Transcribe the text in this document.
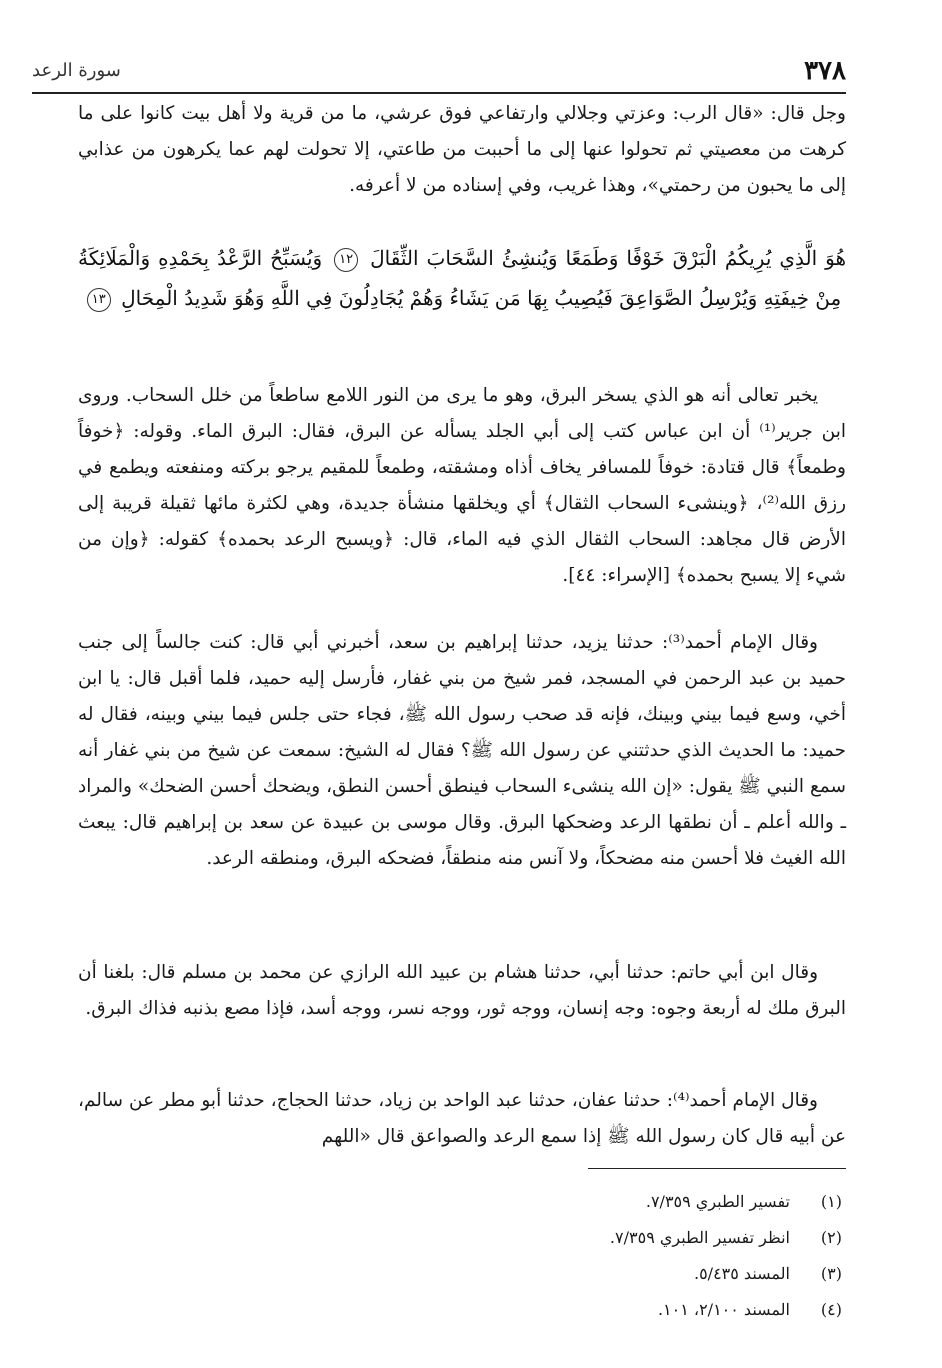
٣٧٨
سورة الرعد

وجل قال: «قال الرب: وعزتي وجلالي وارتفاعي فوق عرشي، ما من قرية ولا أهل بيت كانوا على ما كرهت من معصيتي ثم تحولوا عنها إلى ما أحببت من طاعتي، إلا تحولت لهم عما يكرهون من عذابي إلى ما يحبون من رحمتي»، وهذا غريب، وفي إسناده من لا أعرفه.

هُوَ الَّذِي يُرِيكُمُ الْبَرْقَ خَوْفًا وَطَمَعًا وَيُنشِئُ السَّحَابَ الثِّقَالَ ١٢ وَيُسَبِّحُ الرَّعْدُ بِحَمْدِهِ وَالْمَلَائِكَةُ مِنْ خِيفَتِهِ وَيُرْسِلُ الصَّوَاعِقَ فَيُصِيبُ بِهَا مَن يَشَاءُ وَهُمْ يُجَادِلُونَ فِي اللَّهِ وَهُوَ شَدِيدُ الْمِحَالِ ١٣

يخبر تعالى أنه هو الذي يسخر البرق، وهو ما يرى من النور اللامع ساطعاً من خلل السحاب. وروى ابن جرير⁽¹⁾ أن ابن عباس كتب إلى أبي الجلد يسأله عن البرق، فقال: البرق الماء. وقوله: ﴿خوفاً وطمعاً﴾ قال قتادة: خوفاً للمسافر يخاف أذاه ومشقته، وطمعاً للمقيم يرجو بركته ومنفعته ويطمع في رزق الله⁽²⁾، ﴿وينشىء السحاب الثقال﴾ أي ويخلقها منشأة جديدة، وهي لكثرة مائها ثقيلة قريبة إلى الأرض قال مجاهد: السحاب الثقال الذي فيه الماء، قال: ﴿ويسبح الرعد بحمده﴾ كقوله: ﴿وإن من شيء إلا يسبح بحمده﴾ [الإسراء: ٤٤].

وقال الإمام أحمد⁽³⁾: حدثنا يزيد، حدثنا إبراهيم بن سعد، أخبرني أبي قال: كنت جالساً إلى جنب حميد بن عبد الرحمن في المسجد، فمر شيخ من بني غفار، فأرسل إليه حميد، فلما أقبل قال: يا ابن أخي، وسع فيما بيني وبينك، فإنه قد صحب رسول الله ﷺ، فجاء حتى جلس فيما بيني وبينه، فقال له حميد: ما الحديث الذي حدثتني عن رسول الله ﷺ؟ فقال له الشيخ: سمعت عن شيخ من بني غفار أنه سمع النبي ﷺ يقول: «إن الله ينشىء السحاب فينطق أحسن النطق، ويضحك أحسن الضحك» والمراد ـ والله أعلم ـ أن نطقها الرعد وضحكها البرق. وقال موسى بن عبيدة عن سعد بن إبراهيم قال: يبعث الله الغيث فلا أحسن منه مضحكاً، ولا آنس منه منطقاً، فضحكه البرق، ومنطقه الرعد.

وقال ابن أبي حاتم: حدثنا أبي، حدثنا هشام بن عبيد الله الرازي عن محمد بن مسلم قال: بلغنا أن البرق ملك له أربعة وجوه: وجه إنسان، ووجه ثور، ووجه نسر، ووجه أسد، فإذا مصع بذنبه فذاك البرق.

وقال الإمام أحمد⁽⁴⁾: حدثنا عفان، حدثنا عبد الواحد بن زياد، حدثنا الحجاج، حدثنا أبو مطر عن سالم، عن أبيه قال كان رسول الله ﷺ إذا سمع الرعد والصواعق قال «اللهم

(١)
تفسير الطبري ٧/٣٥٩.
(٢)
انظر تفسير الطبري ٧/٣٥٩.
(٣)
المسند ٥/٤٣٥.
(٤)
المسند ٢/١٠٠، ١٠١.
